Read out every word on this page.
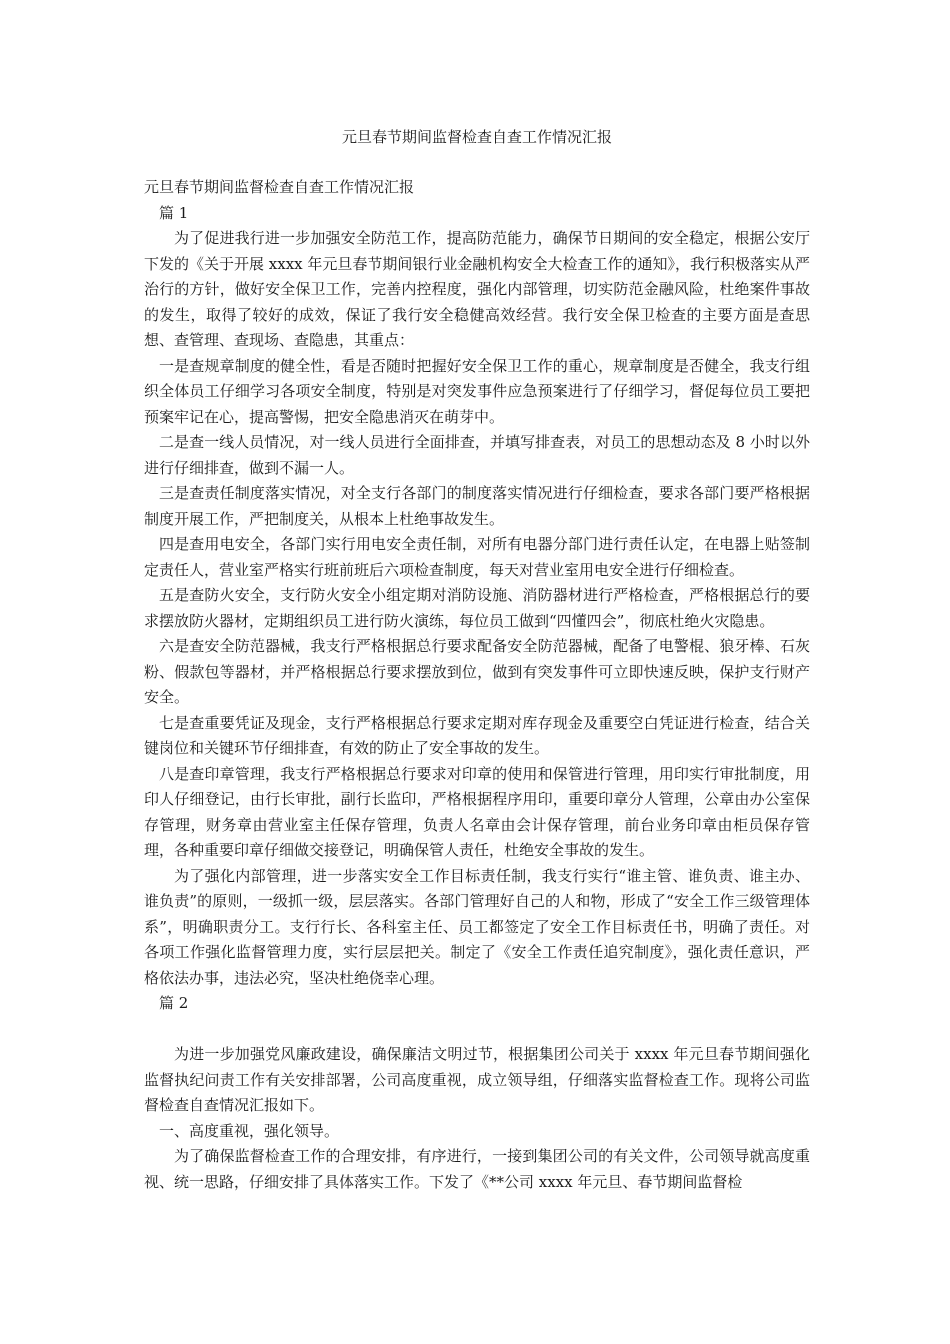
元旦春节期间监督检查自查工作情况汇报

元旦春节期间监督检查自查工作情况汇报

篇 1

为了促进我行进一步加强安全防范工作，提高防范能力，确保节日期间的安全稳定，根据公安厅下发的《关于开展 xxxx 年元旦春节期间银行业金融机构安全大检查工作的通知》，我行积极落实从严治行的方针，做好安全保卫工作，完善内控程度，强化内部管理，切实防范金融风险，杜绝案件事故的发生，取得了较好的成效，保证了我行安全稳健高效经营。我行安全保卫检查的主要方面是查思想、查管理、查现场、查隐患，其重点：

一是查规章制度的健全性，看是否随时把握好安全保卫工作的重心，规章制度是否健全，我支行组织全体员工仔细学习各项安全制度，特别是对突发事件应急预案进行了仔细学习，督促每位员工要把预案牢记在心，提高警惕，把安全隐患消灭在萌芽中。

二是查一线人员情况，对一线人员进行全面排查，并填写排查表，对员工的思想动态及 8 小时以外进行仔细排查，做到不漏一人。

三是查责任制度落实情况，对全支行各部门的制度落实情况进行仔细检查，要求各部门要严格根据制度开展工作，严把制度关，从根本上杜绝事故发生。

四是查用电安全，各部门实行用电安全责任制，对所有电器分部门进行责任认定，在电器上贴签制定责任人，营业室严格实行班前班后六项检查制度，每天对营业室用电安全进行仔细检查。

五是查防火安全，支行防火安全小组定期对消防设施、消防器材进行严格检查，严格根据总行的要求摆放防火器材，定期组织员工进行防火演练，每位员工做到“四懂四会”，彻底杜绝火灾隐患。

六是查安全防范器械，我支行严格根据总行要求配备安全防范器械，配备了电警棍、狼牙棒、石灰粉、假款包等器材，并严格根据总行要求摆放到位，做到有突发事件可立即快速反映，保护支行财产安全。

七是查重要凭证及现金，支行严格根据总行要求定期对库存现金及重要空白凭证进行检查，结合关键岗位和关键环节仔细排查，有效的防止了安全事故的发生。

八是查印章管理，我支行严格根据总行要求对印章的使用和保管进行管理，用印实行审批制度，用印人仔细登记，由行长审批，副行长监印，严格根据程序用印，重要印章分人管理，公章由办公室保存管理，财务章由营业室主任保存管理，负责人名章由会计保存管理，前台业务印章由柜员保存管理，各种重要印章仔细做交接登记，明确保管人责任，杜绝安全事故的发生。

为了强化内部管理，进一步落实安全工作目标责任制，我支行实行“谁主管、谁负责、谁主办、谁负责”的原则，一级抓一级，层层落实。各部门管理好自己的人和物，形成了“安全工作三级管理体系”，明确职责分工。支行行长、各科室主任、员工都签定了安全工作目标责任书，明确了责任。对各项工作强化监督管理力度，实行层层把关。制定了《安全工作责任追究制度》，强化责任意识，严格依法办事，违法必究，坚决杜绝侥幸心理。

篇 2

为进一步加强党风廉政建设，确保廉洁文明过节，根据集团公司关于 xxxx 年元旦春节期间强化监督执纪问责工作有关安排部署，公司高度重视，成立领导组，仔细落实监督检查工作。现将公司监督检查自查情况汇报如下。

一、高度重视，强化领导。

为了确保监督检查工作的合理安排，有序进行，一接到集团公司的有关文件，公司领导就高度重视、统一思路，仔细安排了具体落实工作。下发了《**公司 xxxx 年元旦、春节期间监督检
